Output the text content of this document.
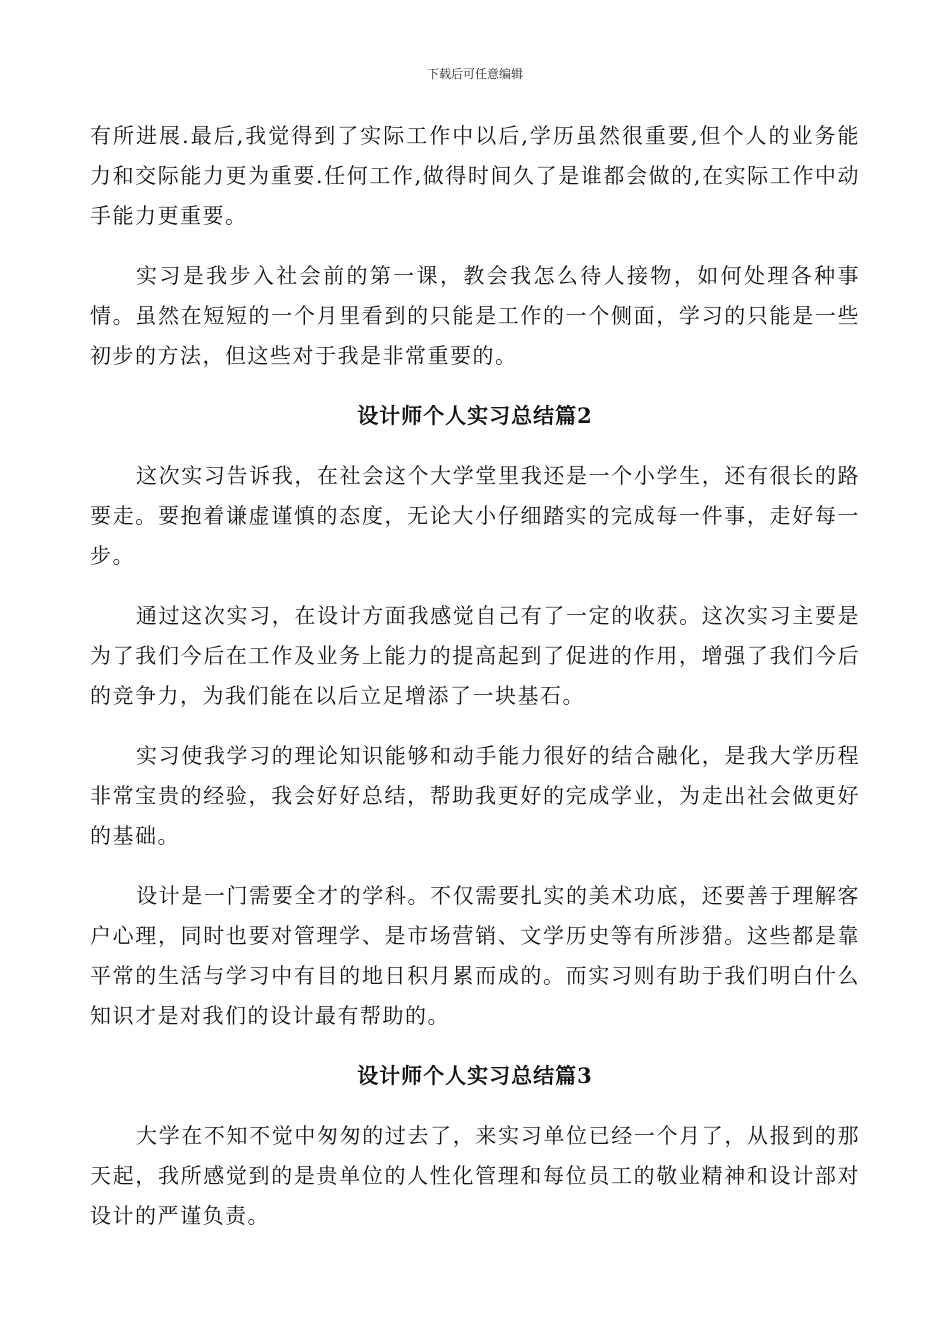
下载后可任意编辑

有所进展.最后,我觉得到了实际工作中以后,学历虽然很重要,但个人的业务能力和交际能力更为重要.任何工作,做得时间久了是谁都会做的,在实际工作中动手能力更重要。

实习是我步入社会前的第一课，教会我怎么待人接物，如何处理各种事情。虽然在短短的一个月里看到的只能是工作的一个侧面，学习的只能是一些初步的方法，但这些对于我是非常重要的。

设计师个人实习总结篇2

这次实习告诉我，在社会这个大学堂里我还是一个小学生，还有很长的路要走。要抱着谦虚谨慎的态度，无论大小仔细踏实的完成每一件事，走好每一步。

通过这次实习，在设计方面我感觉自己有了一定的收获。这次实习主要是为了我们今后在工作及业务上能力的提高起到了促进的作用，增强了我们今后的竞争力，为我们能在以后立足增添了一块基石。

实习使我学习的理论知识能够和动手能力很好的结合融化，是我大学历程非常宝贵的经验，我会好好总结，帮助我更好的完成学业，为走出社会做更好的基础。

设计是一门需要全才的学科。不仅需要扎实的美术功底，还要善于理解客户心理，同时也要对管理学、是市场营销、文学历史等有所涉猎。这些都是靠平常的生活与学习中有目的地日积月累而成的。而实习则有助于我们明白什么知识才是对我们的设计最有帮助的。

设计师个人实习总结篇3

大学在不知不觉中匆匆的过去了，来实习单位已经一个月了，从报到的那天起，我所感觉到的是贵单位的人性化管理和每位员工的敬业精神和设计部对设计的严谨负责。
